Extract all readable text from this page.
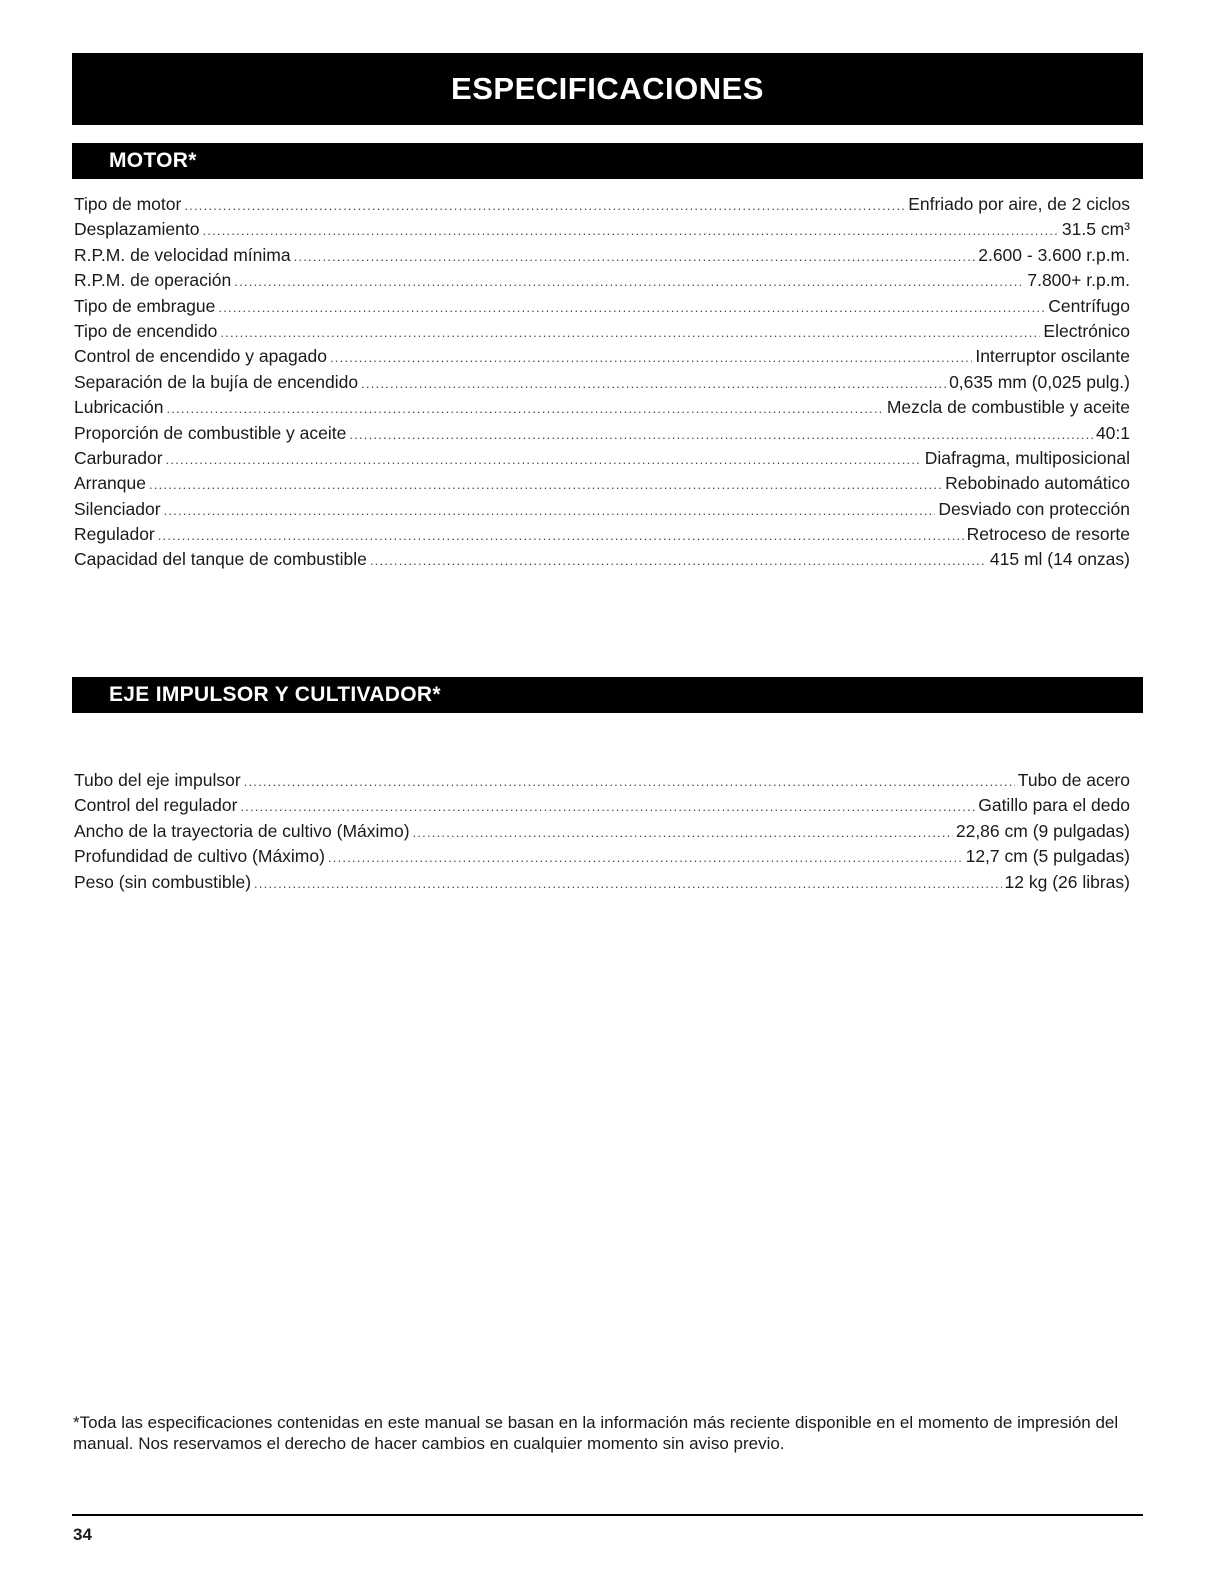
ESPECIFICACIONES
MOTOR*
Tipo de motor .....	Enfriado por aire, de 2 ciclos
Desplazamiento .....	31.5 cm³
R.P.M. de velocidad mínima .....	2.600 - 3.600 r.p.m.
R.P.M. de operación .....	7.800+ r.p.m.
Tipo de embrague .....	Centrífugo
Tipo de encendido .....	Electrónico
Control de encendido y apagado .....	Interruptor oscilante
Separación de la bujía de encendido .....	0,635 mm (0,025 pulg.)
Lubricación .....	Mezcla de combustible y aceite
Proporción de combustible y aceite .....	40:1
Carburador .....	Diafragma, multiposicional
Arranque .....	Rebobinado automático
Silenciador .....	Desviado con protección
Regulador .....	Retroceso de resorte
Capacidad del tanque de combustible .....	415 ml (14 onzas)
EJE IMPULSOR Y CULTIVADOR*
Tubo del eje impulsor .....	Tubo de acero
Control del regulador .....	Gatillo para el dedo
Ancho de la trayectoria de cultivo (Máximo) .....	22,86 cm (9 pulgadas)
Profundidad de cultivo (Máximo) .....	12,7 cm (5 pulgadas)
Peso (sin combustible) .....	12 kg (26 libras)
*Toda las especificaciones contenidas en este manual se basan en la información más reciente disponible en el momento de impresión del manual. Nos reservamos el derecho de hacer cambios en cualquier momento sin aviso previo.
34
